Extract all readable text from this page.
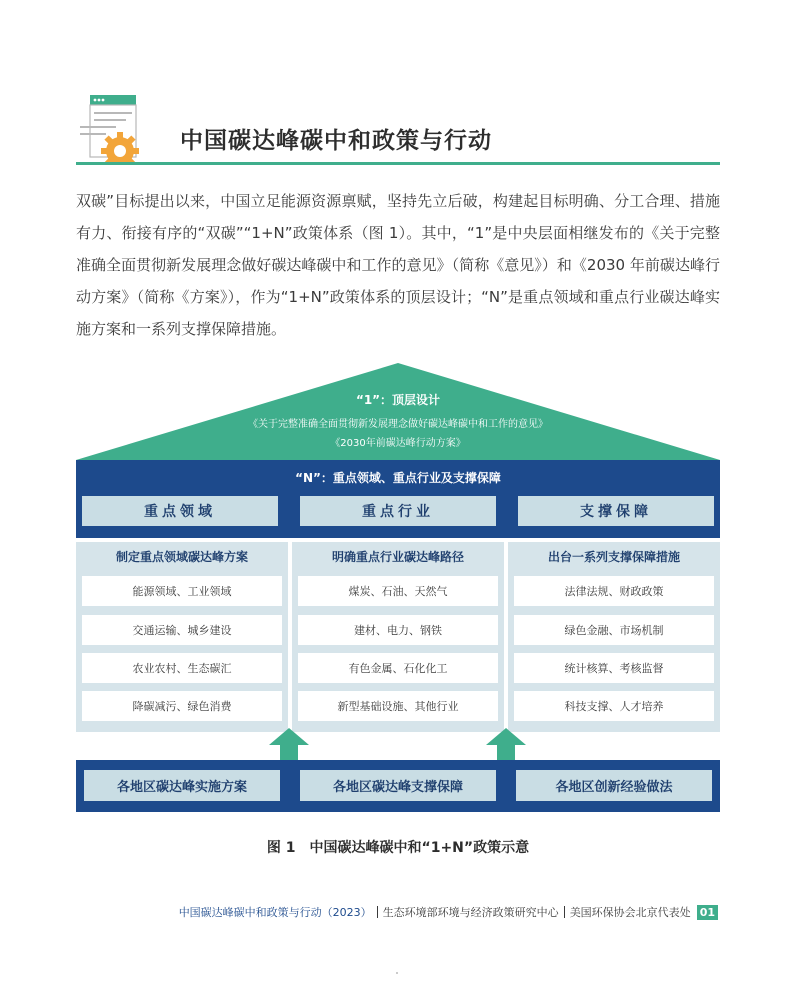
中国碳达峰碳中和政策与行动

双碳”目标提出以来，中国立足能源资源禀赋，坚持先立后破，构建起目标明确、分工合理、措施有力、衔接有序的“双碳”“1+N”政策体系（图 1）。其中，“1”是中央层面相继发布的《关于完整准确全面贯彻新发展理念做好碳达峰碳中和工作的意见》（简称《意见》）和《2030 年前碳达峰行动方案》（简称《方案》），作为“1+N”政策体系的顶层设计；“N”是重点领域和重点行业碳达峰实施方案和一系列支撑保障措施。

“1”：顶层设计
《关于完整准确全面贯彻新发展理念做好碳达峰碳中和工作的意见》
《2030年前碳达峰行动方案》
“N”：重点领域、重点行业及支撑保障
重点领域	重点行业	支撑保障
制定重点领域碳达峰方案
能源领域、工业领域
交通运输、城乡建设
农业农村、生态碳汇
降碳减污、绿色消费
明确重点行业碳达峰路径
煤炭、石油、天然气
建材、电力、钢铁
有色金属、石化化工
新型基础设施、其他行业
出台一系列支撑保障措施
法律法规、财政政策
绿色金融、市场机制
统计核算、考核监督
科技支撑、人才培养
各地区碳达峰实施方案	各地区碳达峰支撑保障	各地区创新经验做法
图 1　中国碳达峰碳中和“1+N”政策示意
中国碳达峰碳中和政策与行动（2023） 生态环境部环境与经济政策研究中心 美国环保协会北京代表处 01
